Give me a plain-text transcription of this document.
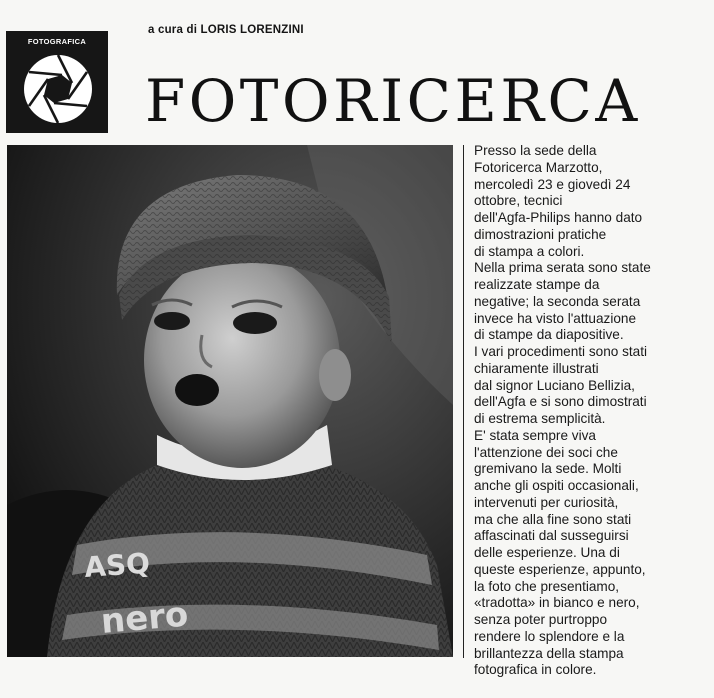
FOTOGRAFICA
a cura di LORIS LORENZINI
FOTORICERCA
ASQ
nero
Presso la sede della
Fotoricerca Marzotto,
mercoledì 23 e giovedì 24
ottobre, tecnici
dell'Agfa-Philips hanno dato
dimostrazioni pratiche
di stampa a colori.
Nella prima serata sono state
realizzate stampe da
negative; la seconda serata
invece ha visto l'attuazione
di stampe da diapositive.
I vari procedimenti sono stati
chiaramente illustrati
dal signor Luciano Bellizia,
dell'Agfa e si sono dimostrati
di estrema semplicità.
E' stata sempre viva
l'attenzione dei soci che
gremivano la sede. Molti
anche gli ospiti occasionali,
intervenuti per curiosità,
ma che alla fine sono stati
affascinati dal susseguirsi
delle esperienze. Una di
queste esperienze, appunto,
la foto che presentiamo,
«tradotta» in bianco e nero,
senza poter purtroppo
rendere lo splendore e la
brillantezza della stampa
fotografica in colore.
